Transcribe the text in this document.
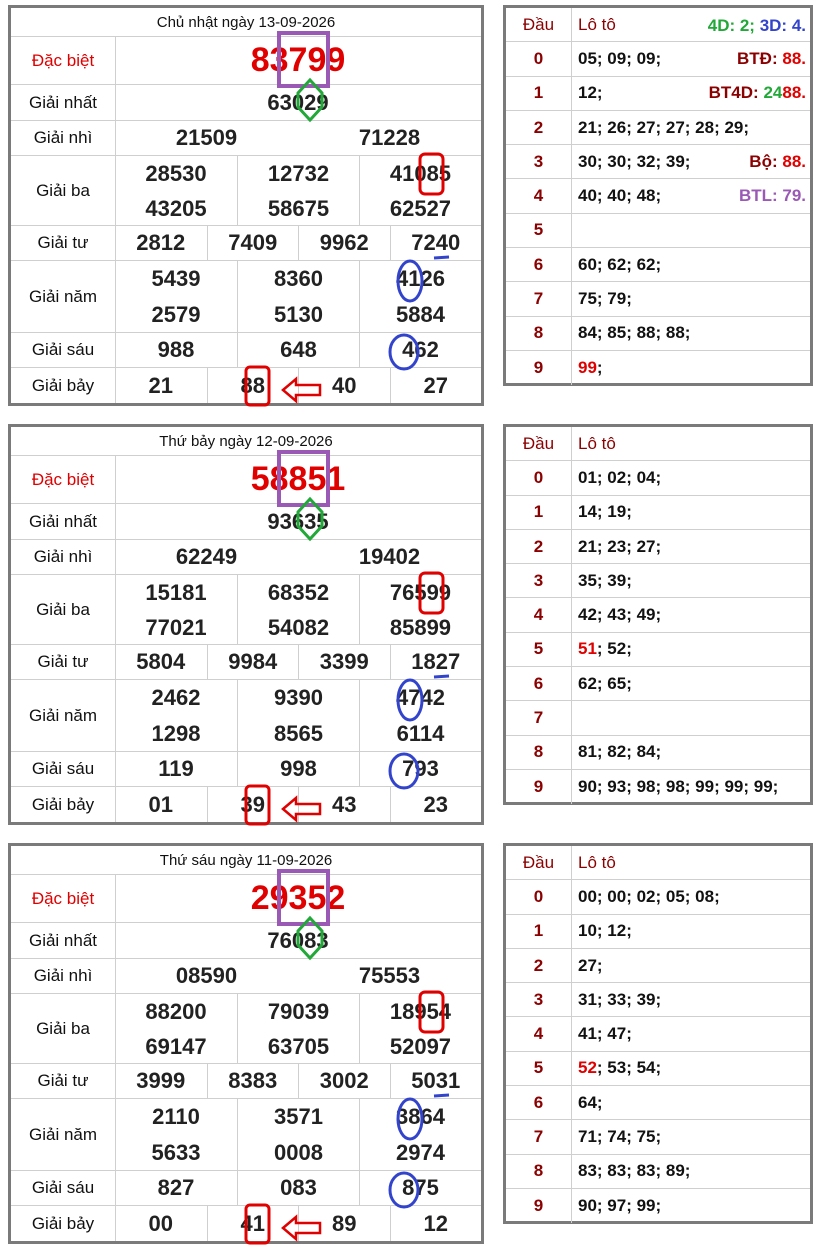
Chủ nhật ngày 13-09-2026
Đặc biệt	83799
Giải nhất	63029
Giải nhì	21509	71228
Giải ba
28530	12732	41085
43205	58675	62527
Giải tư	2812	7409	9962	7240
Giải năm
5439	8360	4126
2579	5130	5884
Giải sáu	988	648	462
Giải bảy	21	88	40	27
Thứ bảy ngày 12-09-2026
Đặc biệt	58851
Giải nhất	93635
Giải nhì	62249	19402
Giải ba
15181	68352	76599
77021	54082	85899
Giải tư	5804	9984	3399	1827
Giải năm
2462	9390	4742
1298	8565	6114
Giải sáu	119	998	793
Giải bảy	01	39	43	23
Thứ sáu ngày 11-09-2026
Đặc biệt	29352
Giải nhất	76083
Giải nhì	08590	75553
Giải ba
88200	79039	18954
69147	63705	52097
Giải tư	3999	8383	3002	5031
Giải năm
2110	3571	3864
5633	0008	2974
Giải sáu	827	083	875
Giải bảy	00	41	89	12
Đầu	Lô tô	4D: 2; 3D: 4.
0	05; 09; 09;	BTĐ: 88.
1	12;	BT4D: 2488.
2	21; 26; 27; 27; 28; 29;
3	30; 30; 32; 39;	Bộ: 88.
4	40; 40; 48;	BTL: 79.
5
6	60; 62; 62;
7	75; 79;
8	84; 85; 88; 88;
9	99 ;
Đầu	Lô tô
0	01; 02; 04;
1	14; 19;
2	21; 23; 27;
3	35; 39;
4	42; 43; 49;
5	51 ; 52;
6	62; 65;
7
8	81; 82; 84;
9	90; 93; 98; 98; 99; 99; 99;
Đầu	Lô tô
0	00; 00; 02; 05; 08;
1	10; 12;
2	27;
3	31; 33; 39;
4	41; 47;
5	52 ; 53; 54;
6	64;
7	71; 74; 75;
8	83; 83; 83; 89;
9	90; 97; 99;
